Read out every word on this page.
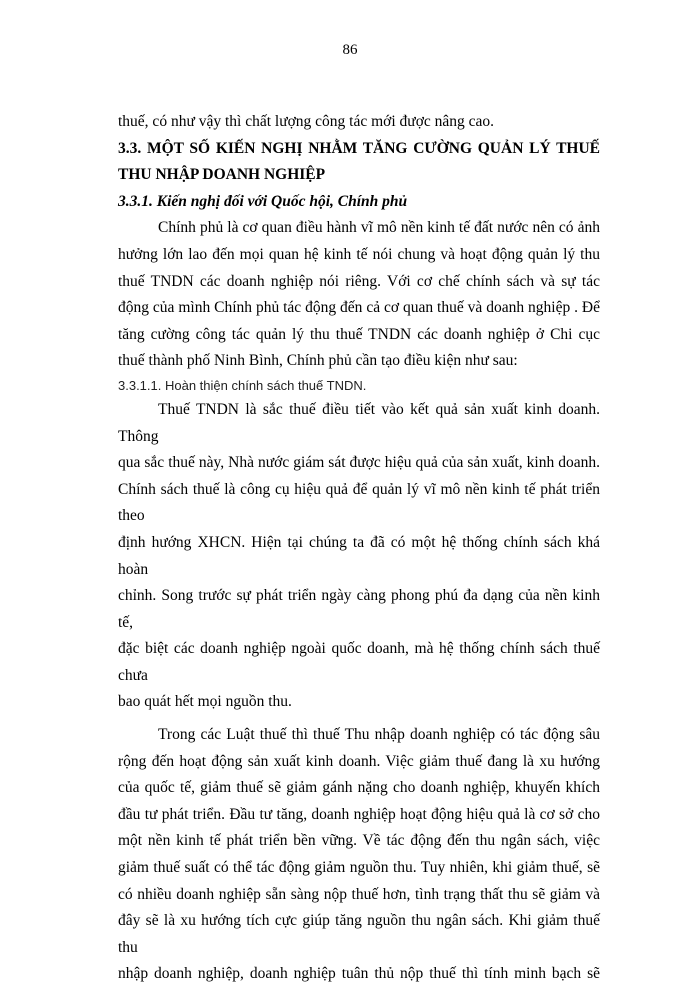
86

thuế, có như vậy thì chất lượng công tác mới được nâng cao.

3.3. MỘT SỐ KIẾN NGHỊ NHẰM TĂNG CƯỜNG QUẢN LÝ THUẾ
THU NHẬP DOANH NGHIỆP

3.3.1. Kiến nghị đối với Quốc hội, Chính phủ

Chính phủ là cơ quan điều hành vĩ mô nền kinh tế đất nước nên có ảnh

hưởng lớn lao đến mọi quan hệ kinh tế nói chung và hoạt động quản lý thu

thuế TNDN các doanh nghiệp nói riêng. Với cơ chế chính sách và sự tác

động của mình Chính phủ tác động đến cả cơ quan thuế và doanh nghiệp . Để

tăng cường công tác quản lý thu thuế TNDN các doanh nghiệp ở Chi cục

thuế thành phố Ninh Bình, Chính phủ cần tạo điều kiện như sau:

3.3.1.1. Hoàn thiện chính sách thuế TNDN.

Thuế TNDN là sắc thuế điều tiết vào kết quả sản xuất kinh doanh. Thông

qua sắc thuế này, Nhà nước giám sát được hiệu quả của sản xuất, kinh doanh.

Chính sách thuế là công cụ hiệu quả để quản lý vĩ mô nền kinh tế phát triển theo

định hướng XHCN. Hiện tại chúng ta đã có một hệ thống chính sách khá hoàn

chỉnh. Song trước sự phát triển ngày càng phong phú đa dạng của nền kinh tế,

đặc biệt các doanh nghiệp ngoài quốc doanh, mà hệ thống chính sách thuế chưa

bao quát hết mọi nguồn thu.

Trong các Luật thuế thì thuế Thu nhập doanh nghiệp có tác động sâu

rộng đến hoạt động sản xuất kinh doanh. Việc giảm thuế đang là xu hướng

của quốc tế, giảm thuế sẽ giảm gánh nặng cho doanh nghiệp, khuyến khích

đầu tư phát triển. Đầu tư tăng, doanh nghiệp hoạt động hiệu quả là cơ sở cho

một nền kinh tế phát triển bền vững. Về tác động đến thu ngân sách, việc

giảm thuế suất có thể tác động giảm nguồn thu. Tuy nhiên, khi giảm thuế, sẽ

có nhiều doanh nghiệp sẵn sàng nộp thuế hơn, tình trạng thất thu sẽ giảm và

đây sẽ là xu hướng tích cực giúp tăng nguồn thu ngân sách. Khi giảm thuế thu

nhập doanh nghiệp, doanh nghiệp tuân thủ nộp thuế thì tính minh bạch sẽ
